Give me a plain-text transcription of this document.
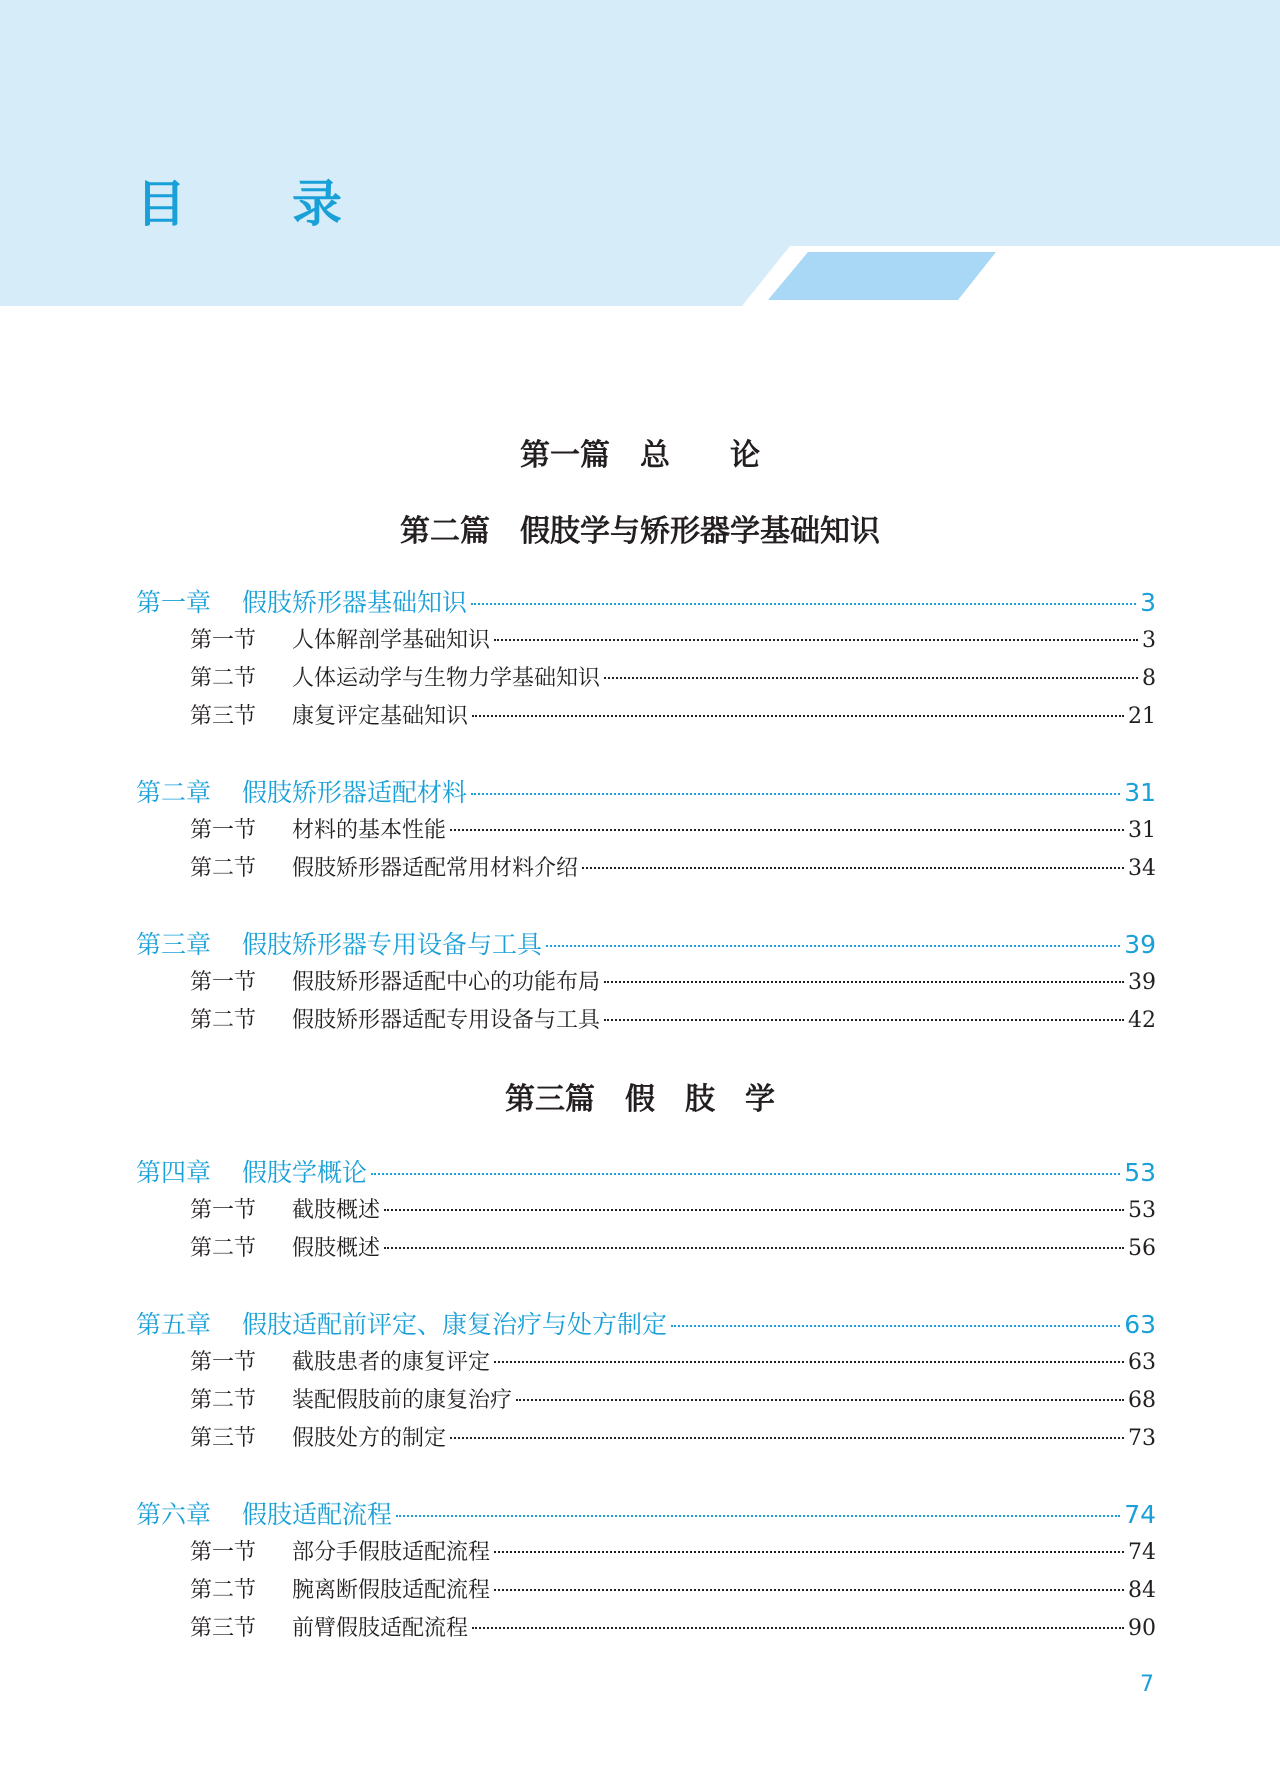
目　录
第一篇　总　　论
第二篇　假肢学与矫形器学基础知识
第一章	假肢矫形器基础知识	3
第一节	人体解剖学基础知识	3
第二节	人体运动学与生物力学基础知识	8
第三节	康复评定基础知识	21
第二章	假肢矫形器适配材料	31
第一节	材料的基本性能	31
第二节	假肢矫形器适配常用材料介绍	34
第三章	假肢矫形器专用设备与工具	39
第一节	假肢矫形器适配中心的功能布局	39
第二节	假肢矫形器适配专用设备与工具	42
第三篇　假　肢　学
第四章	假肢学概论	53
第一节	截肢概述	53
第二节	假肢概述	56
第五章	假肢适配前评定、康复治疗与处方制定	63
第一节	截肢患者的康复评定	63
第二节	装配假肢前的康复治疗	68
第三节	假肢处方的制定	73
第六章	假肢适配流程	74
第一节	部分手假肢适配流程	74
第二节	腕离断假肢适配流程	84
第三节	前臂假肢适配流程	90
7
